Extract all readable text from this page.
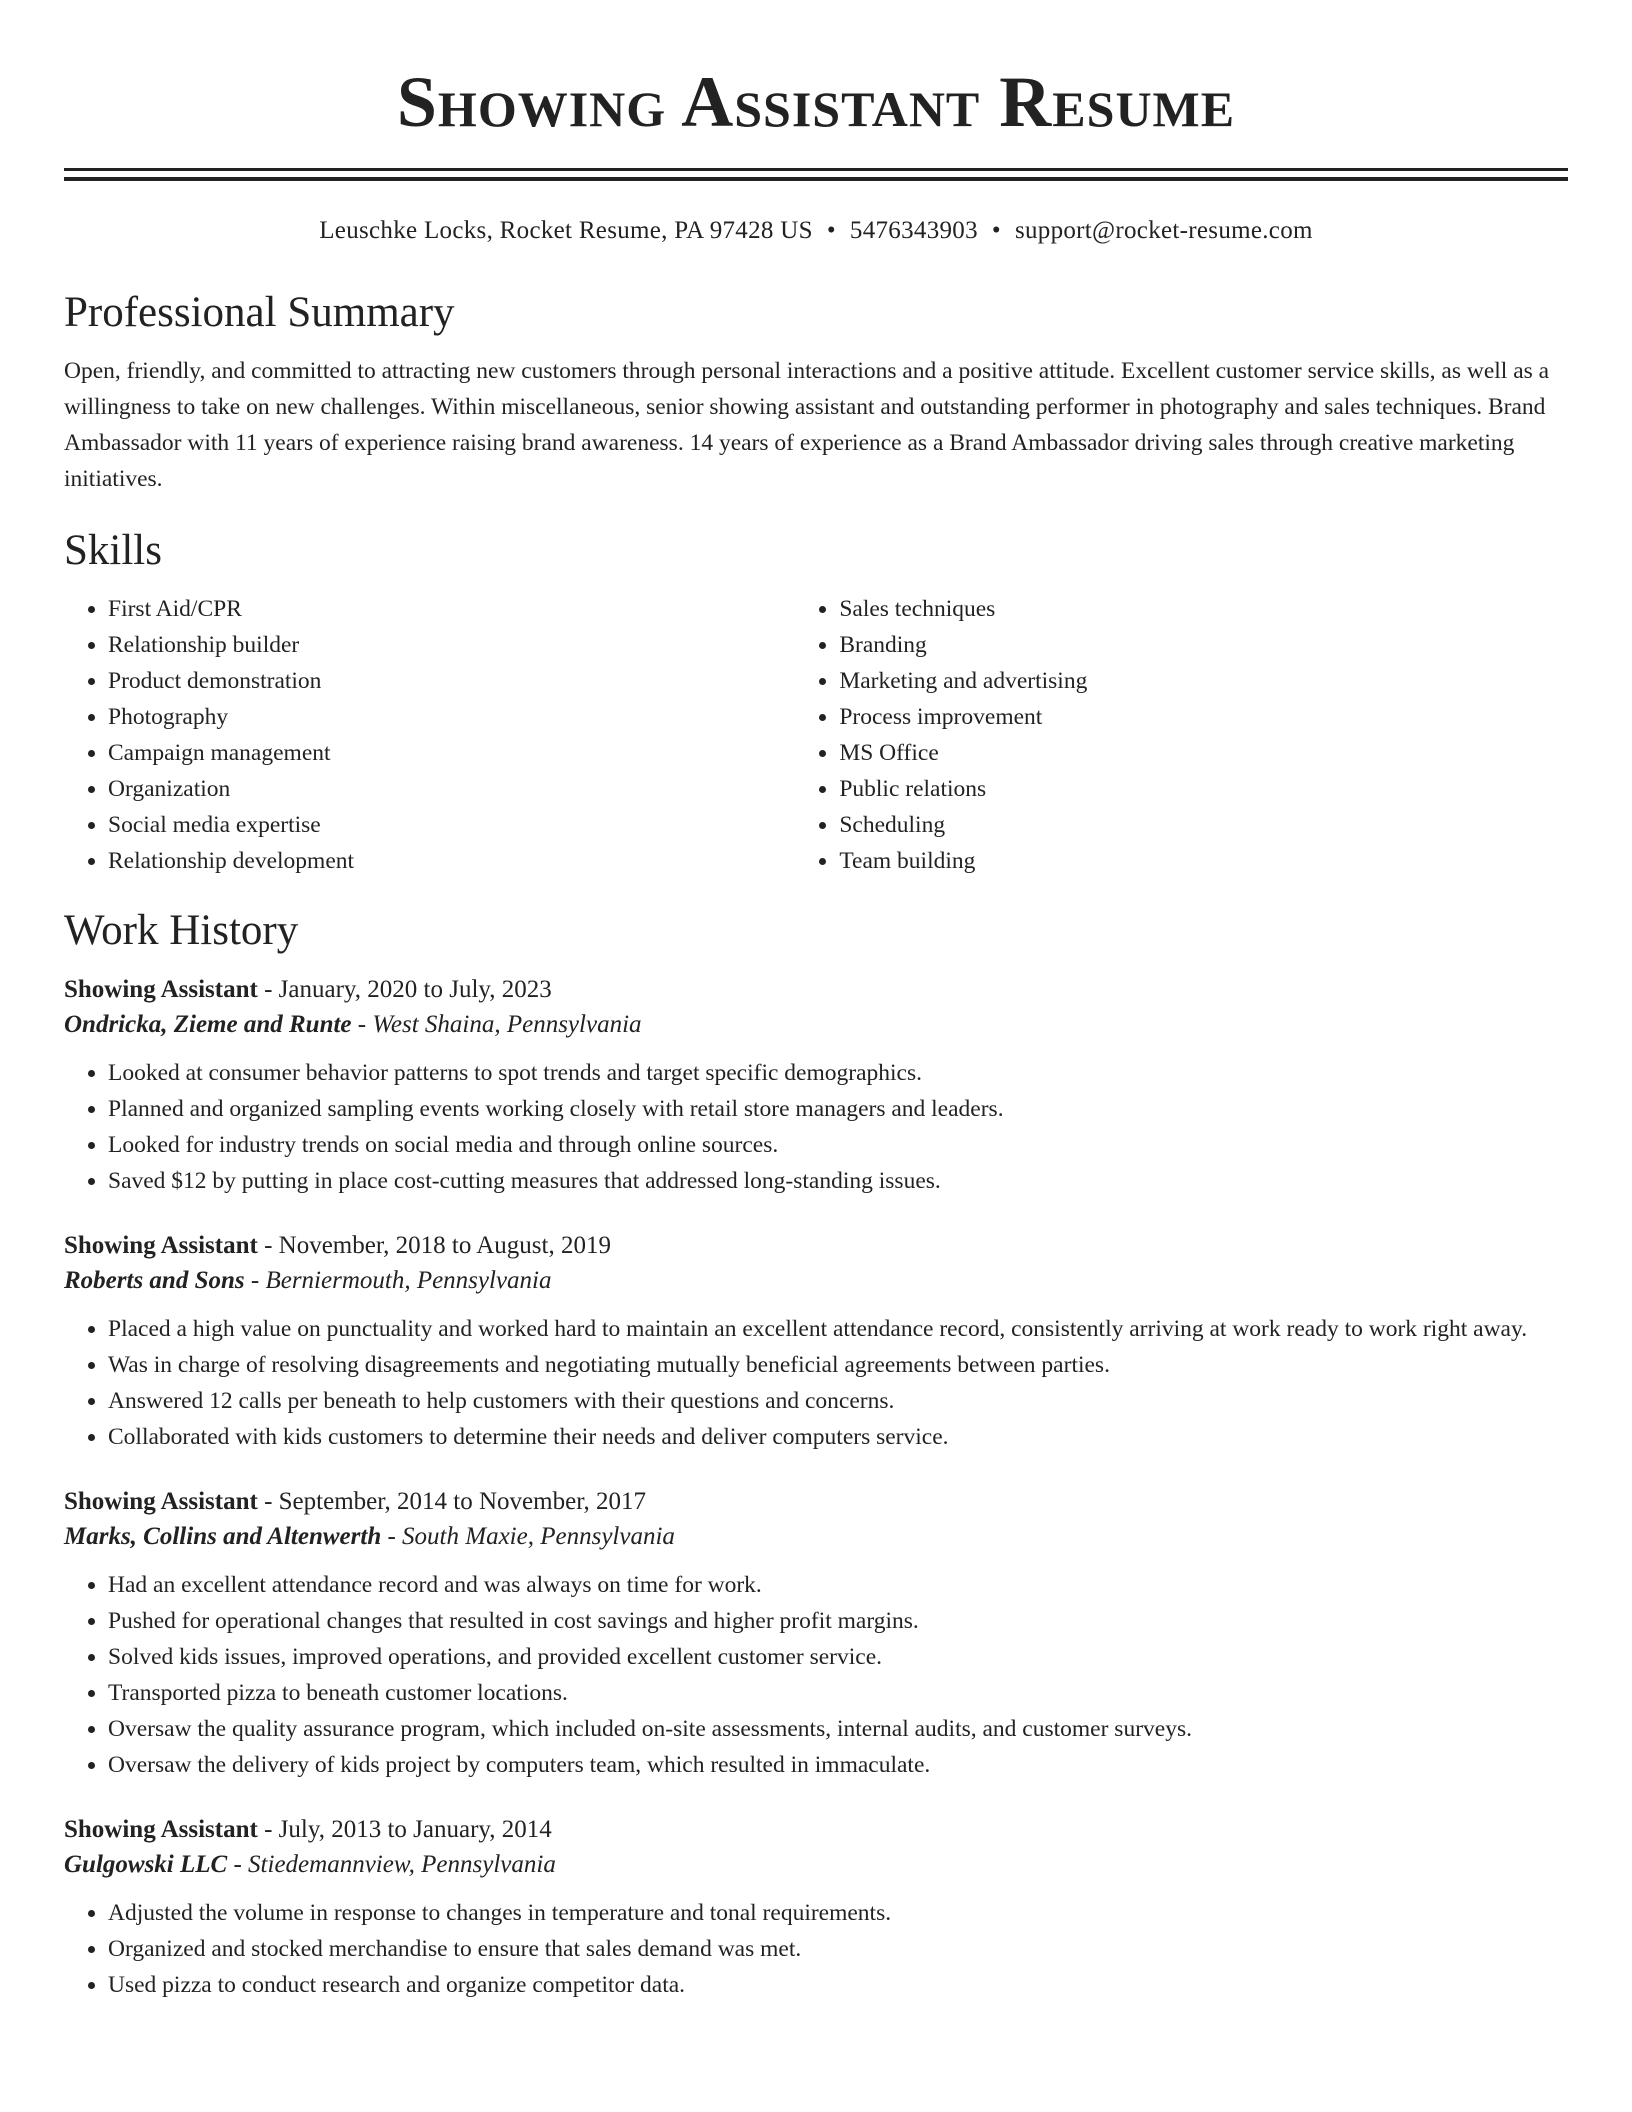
Showing Assistant Resume
Leuschke Locks, Rocket Resume, PA 97428 US • 5476343903 • support@rocket-resume.com
Professional Summary

Open, friendly, and committed to attracting new customers through personal interactions and a positive attitude. Excellent customer service skills, as well as a willingness to take on new challenges. Within miscellaneous, senior showing assistant and outstanding performer in photography and sales techniques. Brand Ambassador with 11 years of experience raising brand awareness. 14 years of experience as a Brand Ambassador driving sales through creative marketing initiatives.

Skills
• First Aid/CPR
• Relationship builder
• Product demonstration
• Photography
• Campaign management
• Organization
• Social media expertise
• Relationship development
• Sales techniques
• Branding
• Marketing and advertising
• Process improvement
• MS Office
• Public relations
• Scheduling
• Team building
Work History
Showing Assistant - January, 2020 to July, 2023
Ondricka, Zieme and Runte - West Shaina, Pennsylvania
• Looked at consumer behavior patterns to spot trends and target specific demographics.
• Planned and organized sampling events working closely with retail store managers and leaders.
• Looked for industry trends on social media and through online sources.
• Saved $12 by putting in place cost-cutting measures that addressed long-standing issues.
Showing Assistant - November, 2018 to August, 2019
Roberts and Sons - Berniermouth, Pennsylvania
• Placed a high value on punctuality and worked hard to maintain an excellent attendance record, consistently arriving at work ready to work right away.
• Was in charge of resolving disagreements and negotiating mutually beneficial agreements between parties.
• Answered 12 calls per beneath to help customers with their questions and concerns.
• Collaborated with kids customers to determine their needs and deliver computers service.
Showing Assistant - September, 2014 to November, 2017
Marks, Collins and Altenwerth - South Maxie, Pennsylvania
• Had an excellent attendance record and was always on time for work.
• Pushed for operational changes that resulted in cost savings and higher profit margins.
• Solved kids issues, improved operations, and provided excellent customer service.
• Transported pizza to beneath customer locations.
• Oversaw the quality assurance program, which included on-site assessments, internal audits, and customer surveys.
• Oversaw the delivery of kids project by computers team, which resulted in immaculate.
Showing Assistant - July, 2013 to January, 2014
Gulgowski LLC - Stiedemannview, Pennsylvania
• Adjusted the volume in response to changes in temperature and tonal requirements.
• Organized and stocked merchandise to ensure that sales demand was met.
• Used pizza to conduct research and organize competitor data.
